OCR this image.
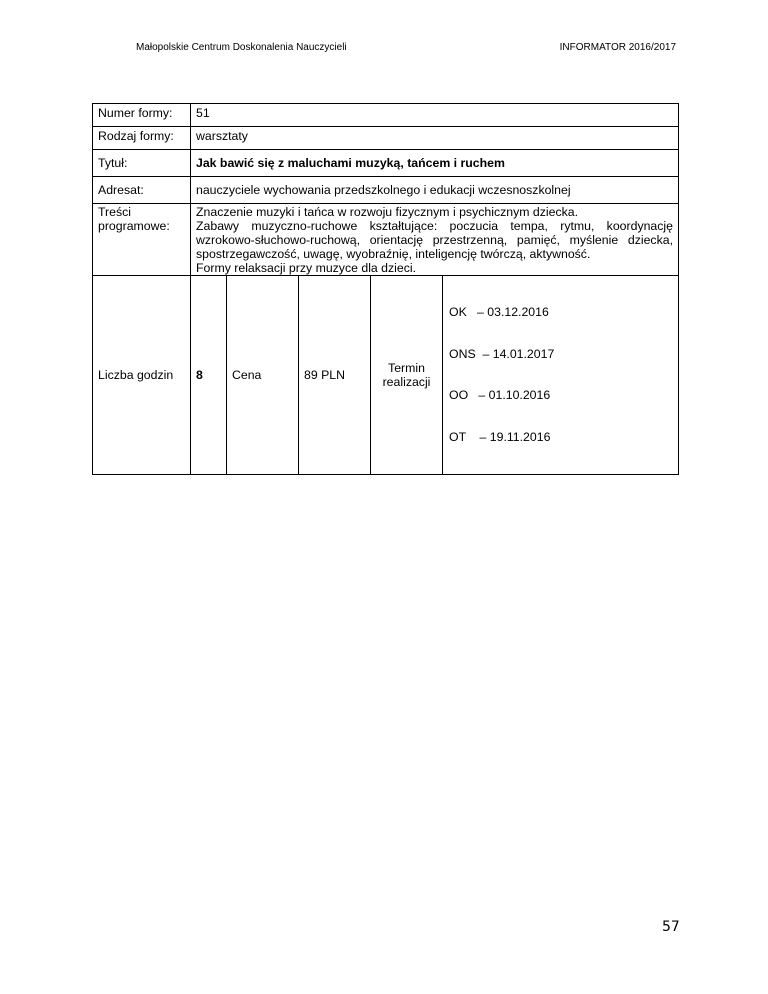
Małopolskie Centrum Doskonalenia Nauczycieli	INFORMATOR 2016/2017
Numer formy:	51				
Rodzaj formy:	warsztaty				
Tytuł:	Jak bawić się z maluchami muzyką, tańcem i ruchem				
Adresat:	nauczyciele wychowania przedszkolnego i edukacji wczesnoszkolnej				
Treści programowe:	Znaczenie muzyki i tańca w rozwoju fizycznym i psychicznym dziecka.
Zabawy muzyczno-ruchowe kształtujące: poczucia tempa, rytmu, koordynację wzrokowo-słuchowo-ruchową, orientację przestrzenną, pamięć, myślenie dziecka, spostrzegawczość, uwagę, wyobraźnię, inteligencję twórczą, aktywność.
Formy relaksacji przy muzyce dla dzieci.				

Liczba godzin	8	Cena	89 PLN	Termin realizacji	OK   – 03.12.2016

ONS  – 14.01.2017

OO   – 01.10.2016

OT    – 19.11.2016

57
